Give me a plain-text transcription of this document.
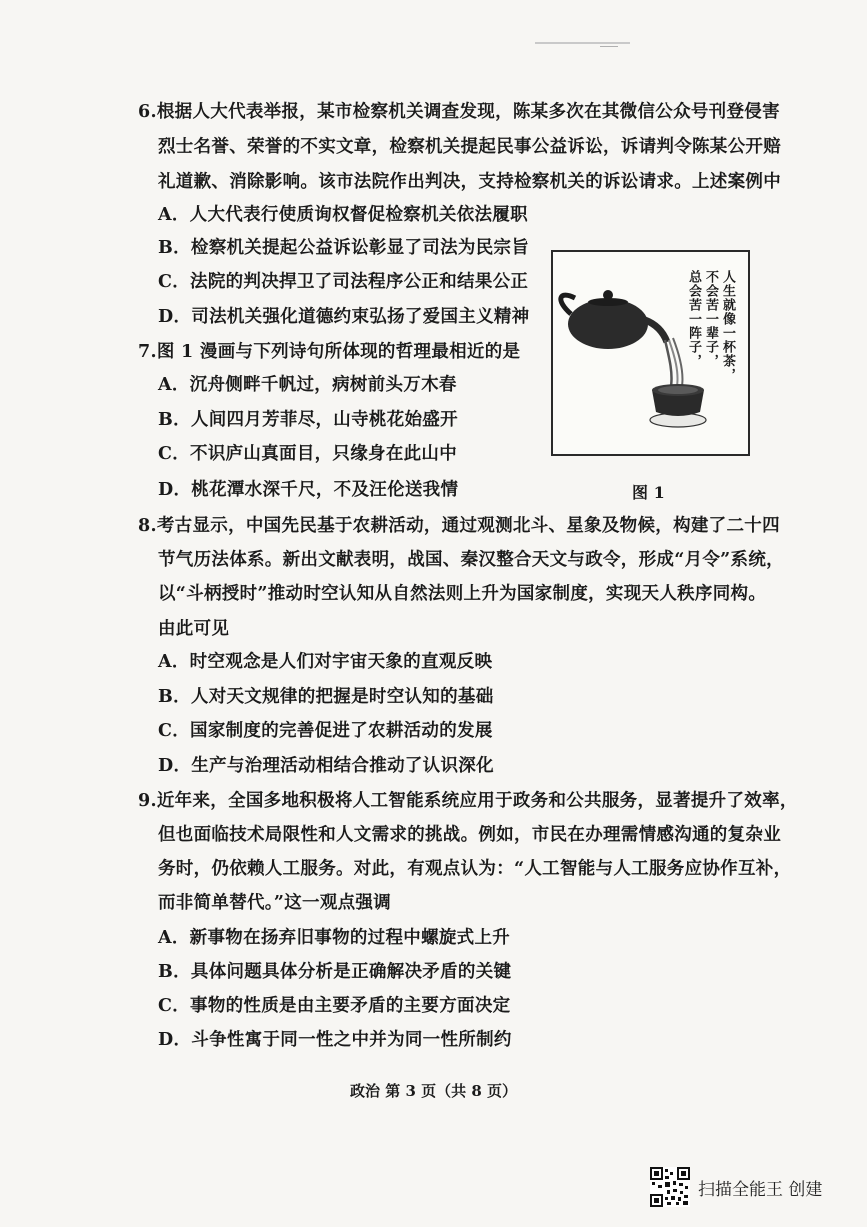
6.根据人大代表举报，某市检察机关调查发现，陈某多次在其微信公众号刊登侵害
烈士名誉、荣誉的不实文章，检察机关提起民事公益诉讼，诉请判令陈某公开赔
礼道歉、消除影响。该市法院作出判决，支持检察机关的诉讼请求。上述案例中
A．人大代表行使质询权督促检察机关依法履职
B．检察机关提起公益诉讼彰显了司法为民宗旨
C．法院的判决捍卫了司法程序公正和结果公正
D．司法机关强化道德约束弘扬了爱国主义精神
7.图 1 漫画与下列诗句所体现的哲理最相近的是
A．沉舟侧畔千帆过，病树前头万木春
B．人间四月芳菲尽，山寺桃花始盛开
C．不识庐山真面目，只缘身在此山中
D．桃花潭水深千尺，不及汪伦送我情
人生就像一杯茶，
不会苦一辈子，
总会苦一阵子，
图 1
8.考古显示，中国先民基于农耕活动，通过观测北斗、星象及物候，构建了二十四
节气历法体系。新出文献表明，战国、秦汉整合天文与政令，形成“月令”系统，
以“斗柄授时”推动时空认知从自然法则上升为国家制度，实现天人秩序同构。
由此可见
A．时空观念是人们对宇宙天象的直观反映
B．人对天文规律的把握是时空认知的基础
C．国家制度的完善促进了农耕活动的发展
D．生产与治理活动相结合推动了认识深化
9.近年来，全国多地积极将人工智能系统应用于政务和公共服务，显著提升了效率，
但也面临技术局限性和人文需求的挑战。例如，市民在办理需情感沟通的复杂业
务时，仍依赖人工服务。对此，有观点认为：“人工智能与人工服务应协作互补，
而非简单替代。”这一观点强调
A．新事物在扬弃旧事物的过程中螺旋式上升
B．具体问题具体分析是正确解决矛盾的关键
C．事物的性质是由主要矛盾的主要方面决定
D．斗争性寓于同一性之中并为同一性所制约
政治 第 3 页（共 8 页）
扫描全能王 创建
